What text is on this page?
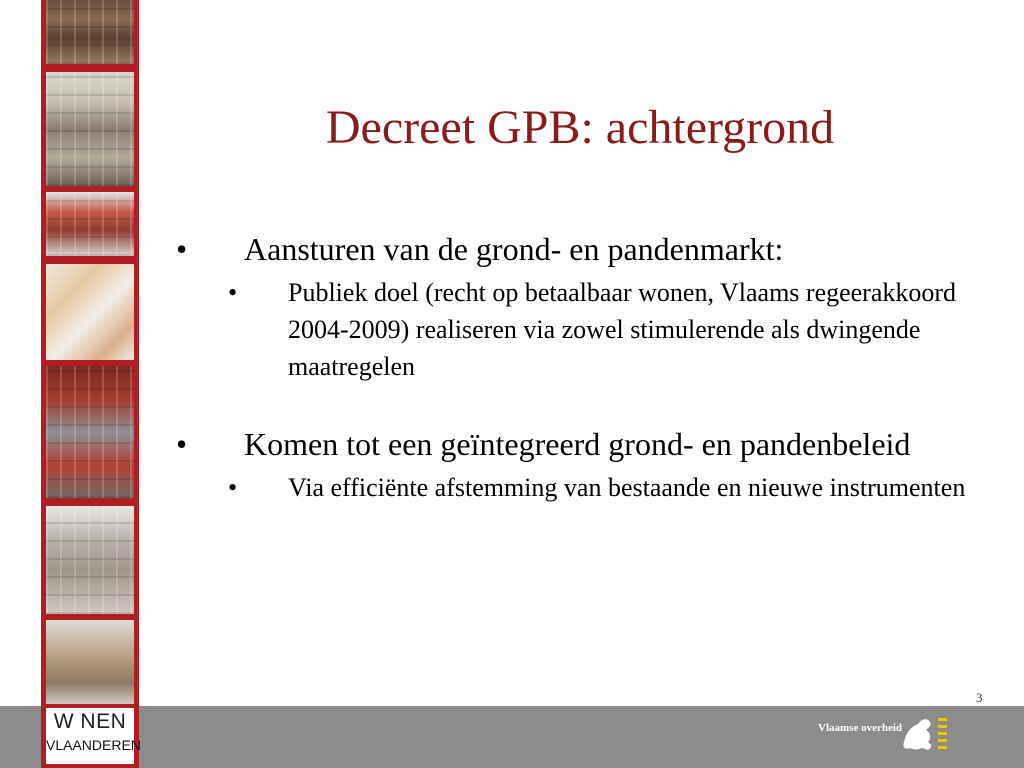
Decreet GPB: achtergrond
• Aansturen van de grond- en pandenmarkt:
• Publiek doel (recht op betaalbaar wonen, Vlaams regeerakkoord 2004-2009) realiseren via zowel stimulerende als dwingende maatregelen
• Komen tot een geïntegreerd grond- en pandenbeleid
• Via efficiënte afstemming van bestaande en nieuwe instrumenten
3
W NEN
VLAANDEREN
Vlaamse overheid
